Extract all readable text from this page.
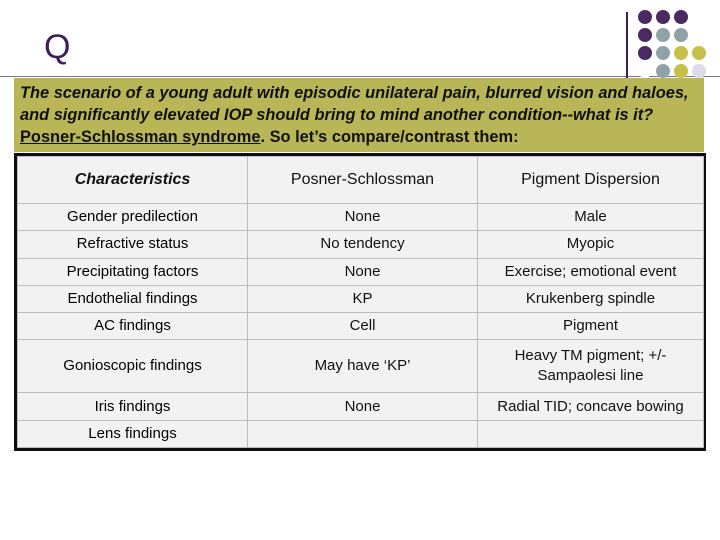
Q
The scenario of a young adult with episodic unilateral pain, blurred vision and haloes, and significantly elevated IOP should bring to mind another condition--what is it? Posner-Schlossman syndrome. So let’s compare/contrast them:
Characteristics	Posner-Schlossman	Pigment Dispersion
Gender predilection	None	Male
Refractive status	No tendency	Myopic
Precipitating factors	None	Exercise; emotional event
Endothelial findings	KP	Krukenberg spindle
AC findings	Cell	Pigment
Gonioscopic findings	May have ‘KP’	Heavy TM pigment; +/- Sampaolesi line
Iris findings	None	Radial TID; concave bowing
Lens findings		
